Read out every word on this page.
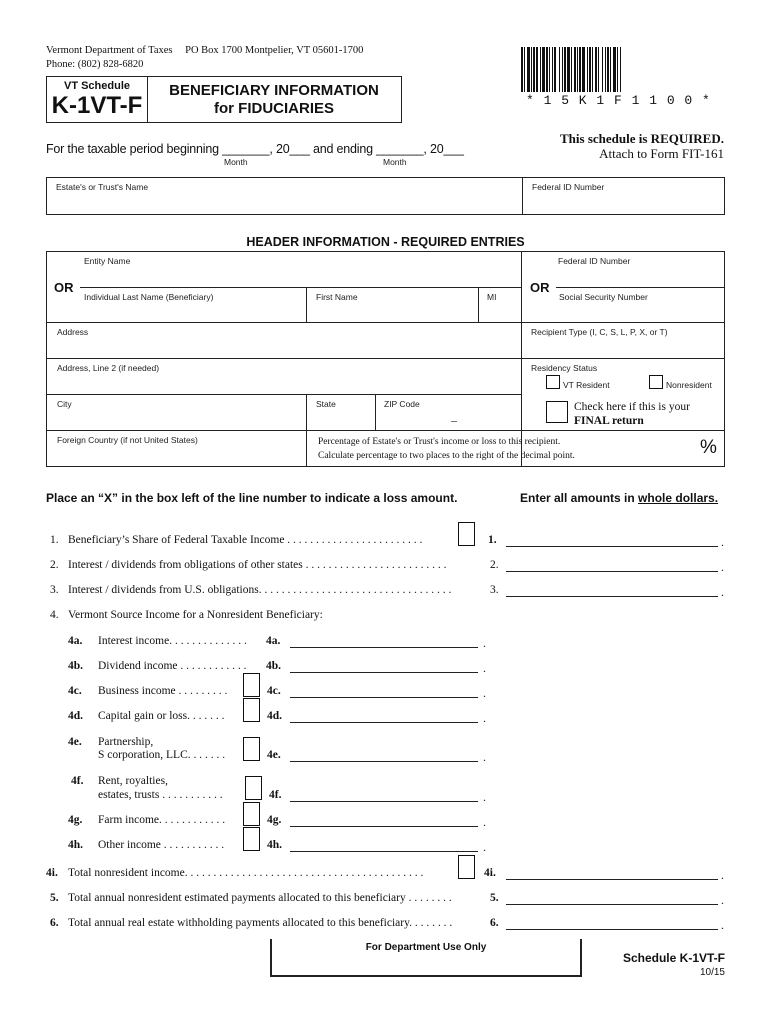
Vermont Department of Taxes PO Box 1700 Montpelier, VT 05601-1700
Phone: (802) 828-6820
* 1 5 K 1 F 1 1 0 0 *
VT Schedule
K-1VT-F
BENEFICIARY INFORMATION
for FIDUCIARIES
This schedule is REQUIRED.
Attach to Form FIT-161
For the taxable period beginning _______, 20___ and ending _______, 20___
Month	Month
Estate's or Trust's Name	Federal ID Number
HEADER INFORMATION - REQUIRED ENTRIES
Entity Name	Federal ID Number
OR	OR
Individual Last Name (Beneficiary)	First Name	MI	Social Security Number
Address	Recipient Type (I, C, S, L, P, X, or T)
Address, Line 2 (if needed)	Residency Status
VT Resident	Nonresident
City	State	ZIP Code
–
Check here if this is your
FINAL return
Foreign Country (if not United States)	Percentage of Estate's or Trust's income or loss to this recipient.
Calculate percentage to two places to the right of the decimal point.	%
Place an “X” in the box left of the line number to indicate a loss amount.	Enter all amounts in whole dollars.
1. Beneficiary’s Share of Federal Taxable Income . . . . . . . . . . . . . . . . . . . . . . . .	1.	.
2. Interest / dividends from obligations of other states . . . . . . . . . . . . . . . . . . . . . . . . .	2.	.
3. Interest / dividends from U.S. obligations. . . . . . . . . . . . . . . . . . . . . . . . . . . . . . . . . .	3.	.
4. Vermont Source Income for a Nonresident Beneficiary:
4a. Interest income. . . . . . . . . . . . . .	4a.	.
4b. Dividend income . . . . . . . . . . . .	4b.	.
4c. Business income . . . . . . . . .	4c.	.
4d. Capital gain or loss. . . . . . .	4d.	.
4e. Partnership,
S corporation, LLC. . . . . . .	4e.	.
4f. Rent, royalties,
estates, trusts . . . . . . . . . . .	4f.	.
4g. Farm income. . . . . . . . . . . .	4g.	.
4h. Other income . . . . . . . . . . .	4h.	.
4i. Total nonresident income. . . . . . . . . . . . . . . . . . . . . . . . . . . . . . . . . . . . . . . . . .	4i.	.
5. Total annual nonresident estimated payments allocated to this beneficiary . . . . . . . .	5.	.
6. Total annual real estate withholding payments allocated to this beneficiary. . . . . . . .	6.	.
For Department Use Only
Schedule K-1VT-F
10/15
